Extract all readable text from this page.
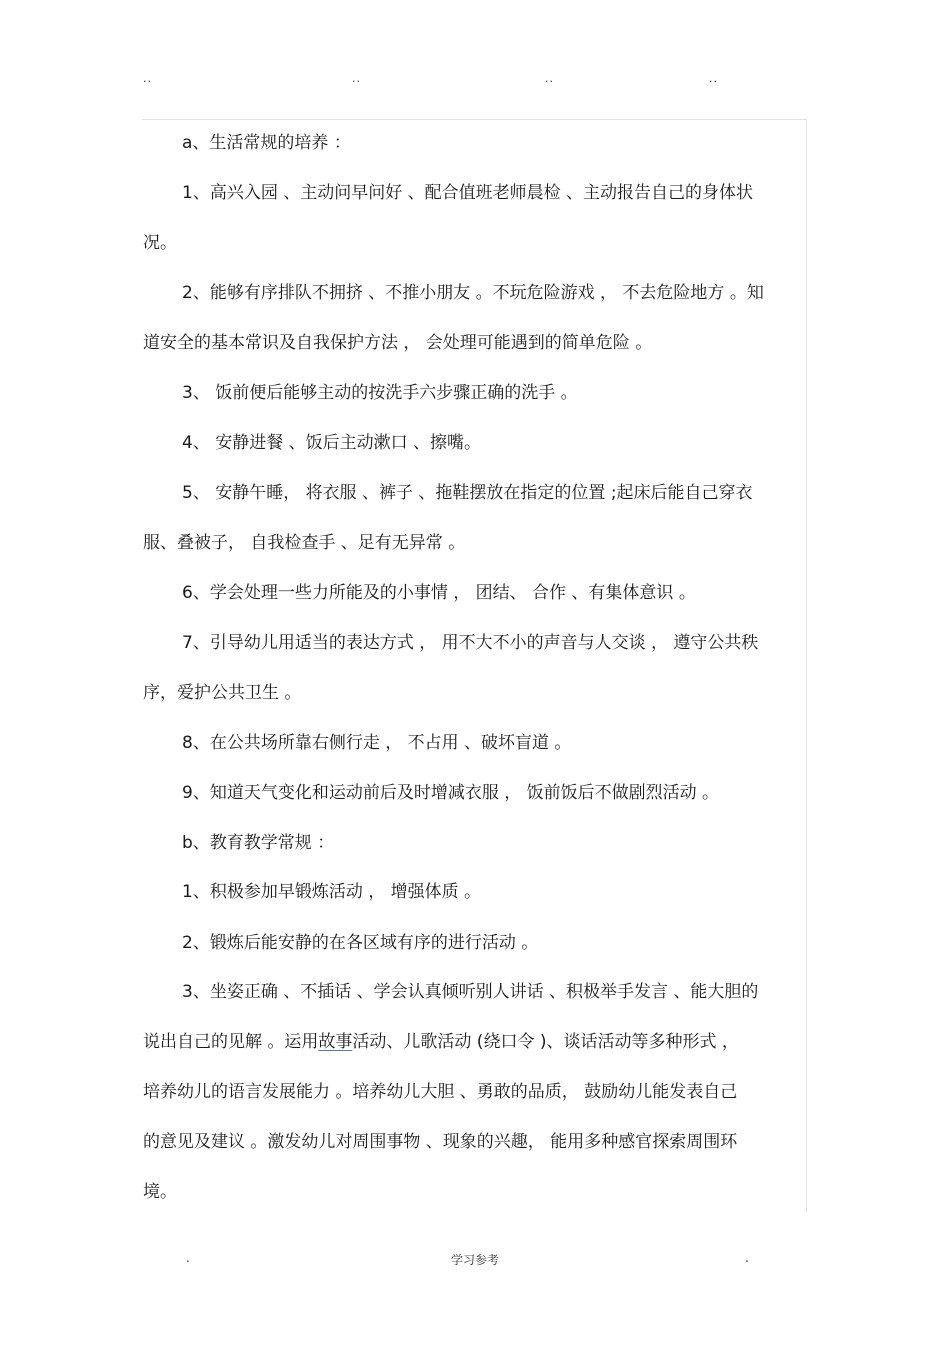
..	..	..	..

a、生活常规的培养 ：

1、高兴入园 、主动问早问好 、配合值班老师晨检 、主动报告自己的身体状

况。

2、能够有序排队不拥挤 、不推小朋友 。不玩危险游戏 ， 不去危险地方 。知

道安全的基本常识及自我保护方法 ， 会处理可能遇到的简单危险 。

3、 饭前便后能够主动的按洗手六步骤正确的洗手 。

4、 安静进餐 、饭后主动漱口 、擦嘴。

5、 安静午睡， 将衣服 、裤子 、拖鞋摆放在指定的位置 ;起床后能自己穿衣

服、叠被子， 自我检查手 、足有无异常 。

6、学会处理一些力所能及的小事情 ， 团结、 合作 、有集体意识 。

7、引导幼儿用适当的表达方式 ， 用不大不小的声音与人交谈 ， 遵守公共秩

序，爱护公共卫生 。

8、在公共场所靠右侧行走 ， 不占用 、破坏盲道 。

9、知道天气变化和运动前后及时增减衣服 ， 饭前饭后不做剧烈活动 。

b、教育教学常规 ：

1、积极参加早锻炼活动 ， 增强体质 。

2、锻炼后能安静的在各区域有序的进行活动 。

3、坐姿正确 、不插话 、学会认真倾听别人讲话 、积极举手发言 、能大胆的

说出自己的见解 。运用故事活动、儿歌活动 (绕口令 )、谈话活动等多种形式 ，

培养幼儿的语言发展能力 。培养幼儿大胆 、勇敢的品质， 鼓励幼儿能发表自己

的意见及建议 。激发幼儿对周围事物 、现象的兴趣， 能用多种感官探索周围环

境。

.	学习参考	.
